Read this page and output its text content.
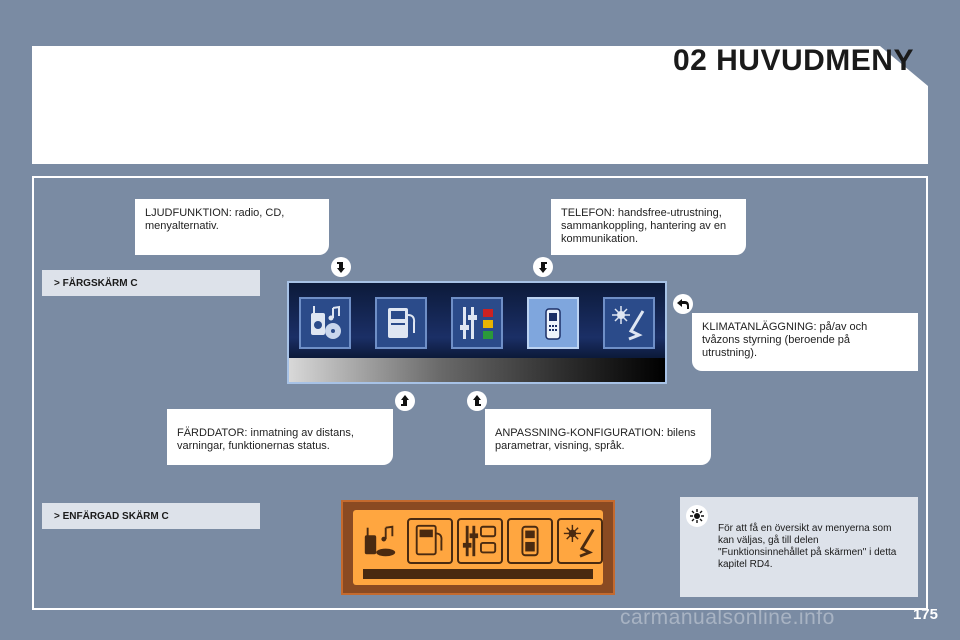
02 HUVUDMENY
LJUDFUNKTION: radio, CD, menyalternativ.
TELEFON: handsfree-utrustning, sammankoppling, hantering av en kommunikation.
KLIMATANLÄGGNING: på/av och tvåzons styrning (beroende på utrustning).
FÄRDDATOR: inmatning av distans, varningar, funktionernas status.
ANPASSNING-KONFIGURATION: bilens parametrar, visning, språk.
> FÄRGSKÄRM C
> ENFÄRGAD SKÄRM C
För att få en översikt av menyerna som kan väljas, gå till delen "Funktionsinnehållet på skärmen" i detta kapitel RD4.
carmanualsonline.info	175
